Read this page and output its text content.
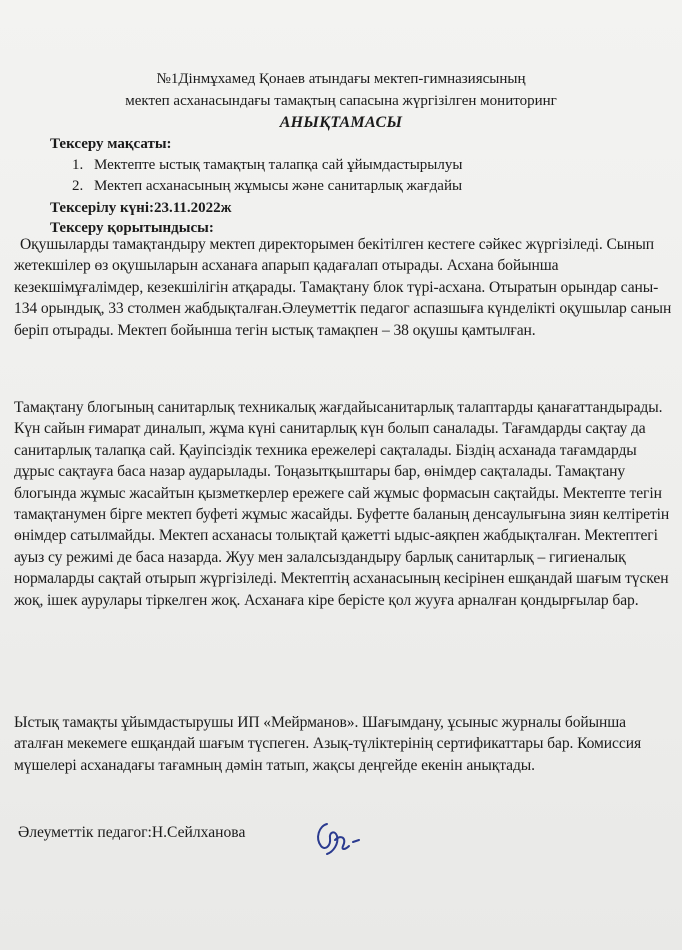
№1Дінмұхамед Қонаев атындағы мектеп-гимназиясының
мектеп асханасындағы тамақтың сапасына жүргізілген мониторинг
АНЫҚТАМАСЫ
Тексеру мақсаты:
1. Мектепте ыстық тамақтың талапқа сай ұйымдастырылуы
2. Мектеп асханасының жұмысы және санитарлық жағдайы
Тексерілу күні:23.11.2022ж
Тексеру қорытындысы:

Оқушыларды тамақтандыру мектеп директорымен бекітілген кестеге сәйкес жүргізіледі. Сынып жетекшілер өз оқушыларын асханаға апарып қадағалап отырады. Асхана бойынша кезекшімұғалімдер, кезекшілігін атқарады. Тамақтану блок түрі-асхана. Отыратын орындар саны- 134 орындық, 33 столмен жабдықталған.Әлеуметтік педагог аспазшыға күнделікті оқушылар санын беріп отырады. Мектеп бойынша тегін ыстық тамақпен – 38 оқушы қамтылған.

Тамақтану блогының санитарлық техникалық жағдайысанитарлық талаптарды қанағаттандырады. Күн сайын ғимарат диналып, жұма күні санитарлық күн болып саналады. Тағамдарды сақтау да санитарлық талапқа сай. Қауіпсіздік техника ережелері сақталады. Біздің асханада тағамдарды дұрыс сақтауға баса назар аударылады. Тоңазытқыштары бар, өнімдер сақталады. Тамақтану блогында жұмыс жасайтын қызметкерлер ережеге сай жұмыс формасын сақтайды. Мектепте тегін тамақтанумен бірге мектеп буфеті жұмыс жасайды. Буфетте баланың денсаулығына зиян келтіретін өнімдер сатылмайды. Мектеп асханасы толықтай қажетті ыдыс-аяқпен жабдықталған. Мектептегі ауыз су режимі де баса назарда. Жуу мен залалсыздандыру барлық санитарлық – гигиеналық нормаларды сақтай отырып жүргізіледі. Мектептің асханасының кесірінен ешқандай шағым түскен жоқ, ішек аурулары тіркелген жоқ. Асханаға кіре берісте қол жууға арналған қондырғылар бар.

Ыстық тамақты ұйымдастырушы ИП «Мейрманов». Шағымдану, ұсыныс журналы бойынша аталған мекемеге ешқандай шағым түспеген. Азық-түліктерінің сертификаттары бар. Комиссия мүшелері асханадағы тағамның дәмін татып, жақсы деңгейде екенін анықтады.

Әлеуметтік педагог:Н.Сейлханова
